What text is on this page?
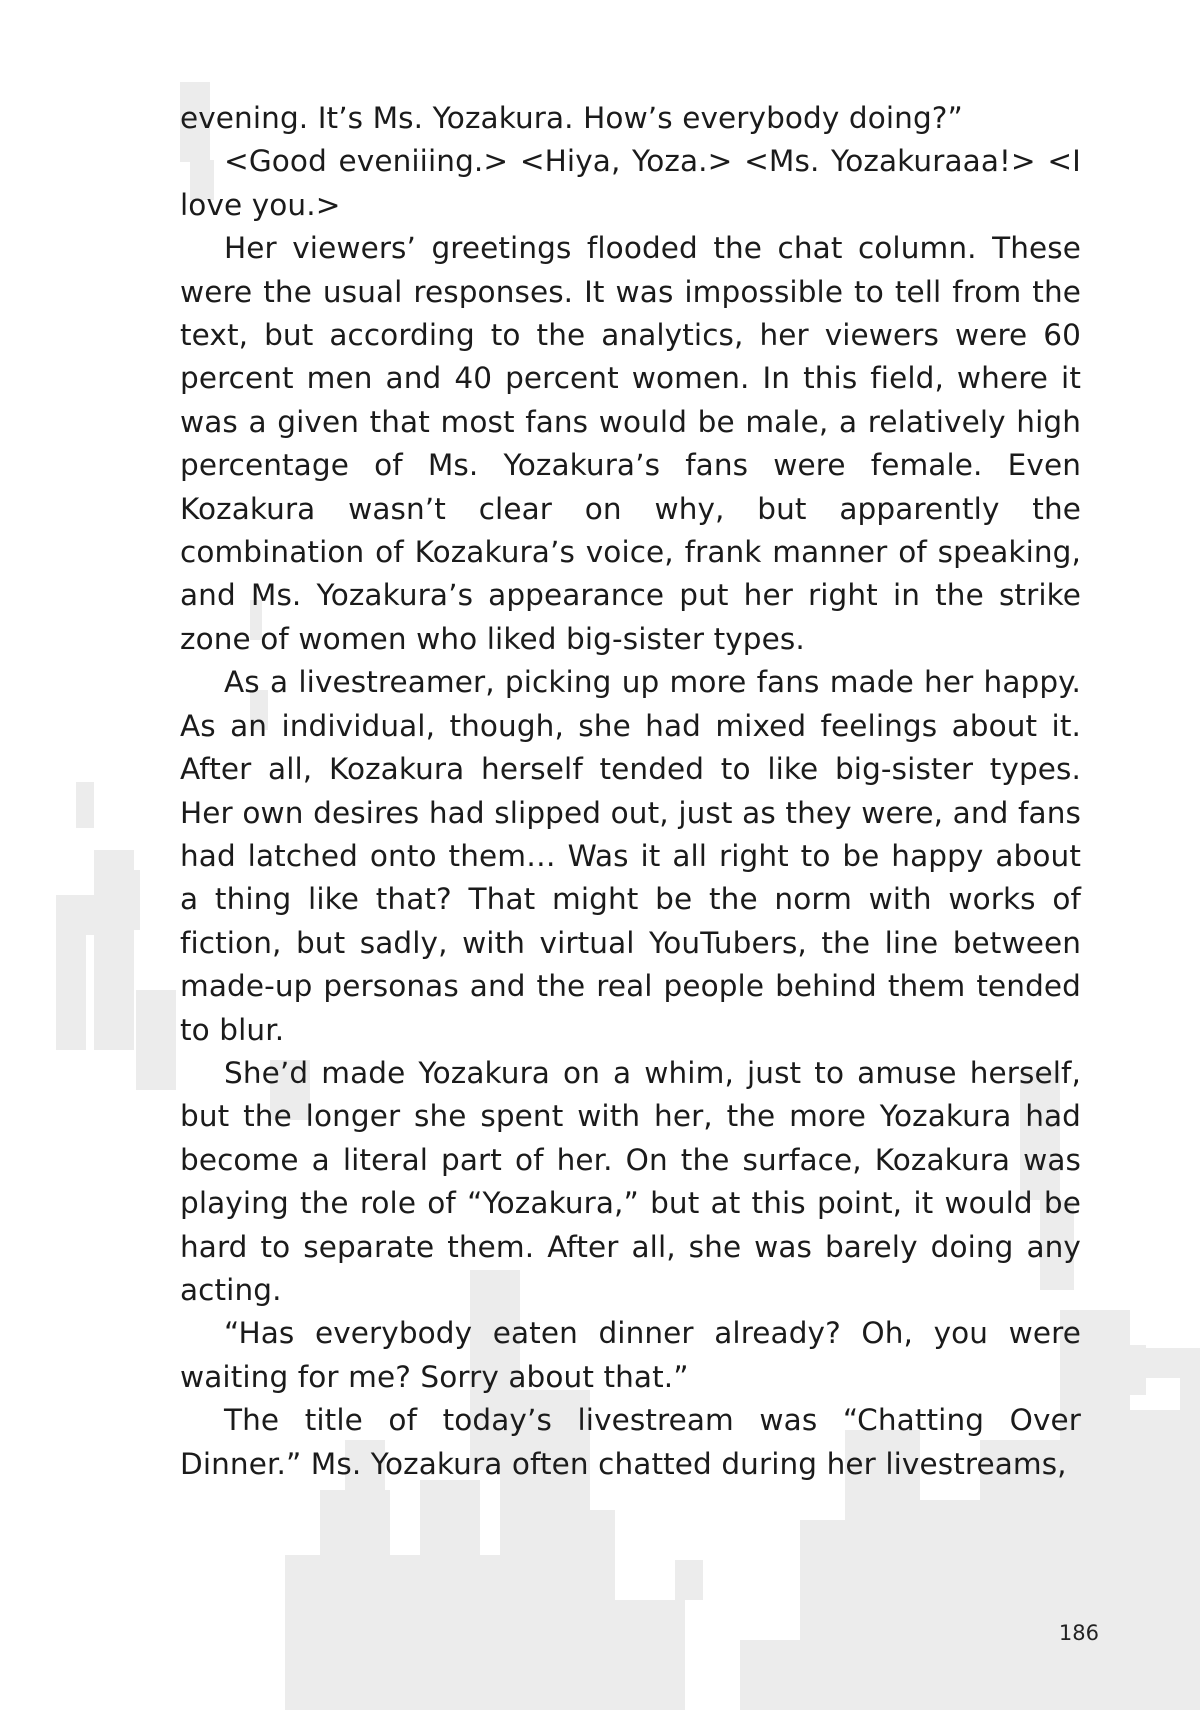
evening. It’s Ms. Yozakura. How’s everybody doing?”

<Good eveniiing.> <Hiya, Yoza.> <Ms. Yozakuraaa!> <I love you.>

Her viewers’ greetings flooded the chat column. These were the usual responses. It was impossible to tell from the text, but according to the analytics, her viewers were 60 percent men and 40 percent women. In this field, where it was a given that most fans would be male, a relatively high percentage of Ms. Yozakura’s fans were female. Even Kozakura wasn’t clear on why, but apparently the combination of Kozakura’s voice, frank manner of speaking, and Ms. Yozakura’s appearance put her right in the strike zone of women who liked big-sister types.

As a livestreamer, picking up more fans made her happy. As an individual, though, she had mixed feelings about it. After all, Kozakura herself tended to like big-sister types. Her own desires had slipped out, just as they were, and fans had latched onto them… Was it all right to be happy about a thing like that? That might be the norm with works of fiction, but sadly, with virtual YouTubers, the line between made-up personas and the real people behind them tended to blur.

She’d made Yozakura on a whim, just to amuse herself, but the longer she spent with her, the more Yozakura had become a literal part of her. On the surface, Kozakura was playing the role of “Yozakura,” but at this point, it would be hard to separate them. After all, she was barely doing any acting.

“Has everybody eaten dinner already? Oh, you were waiting for me? Sorry about that.”

The title of today’s livestream was “Chatting Over Dinner.” Ms. Yozakura often chatted during her livestreams,

186
